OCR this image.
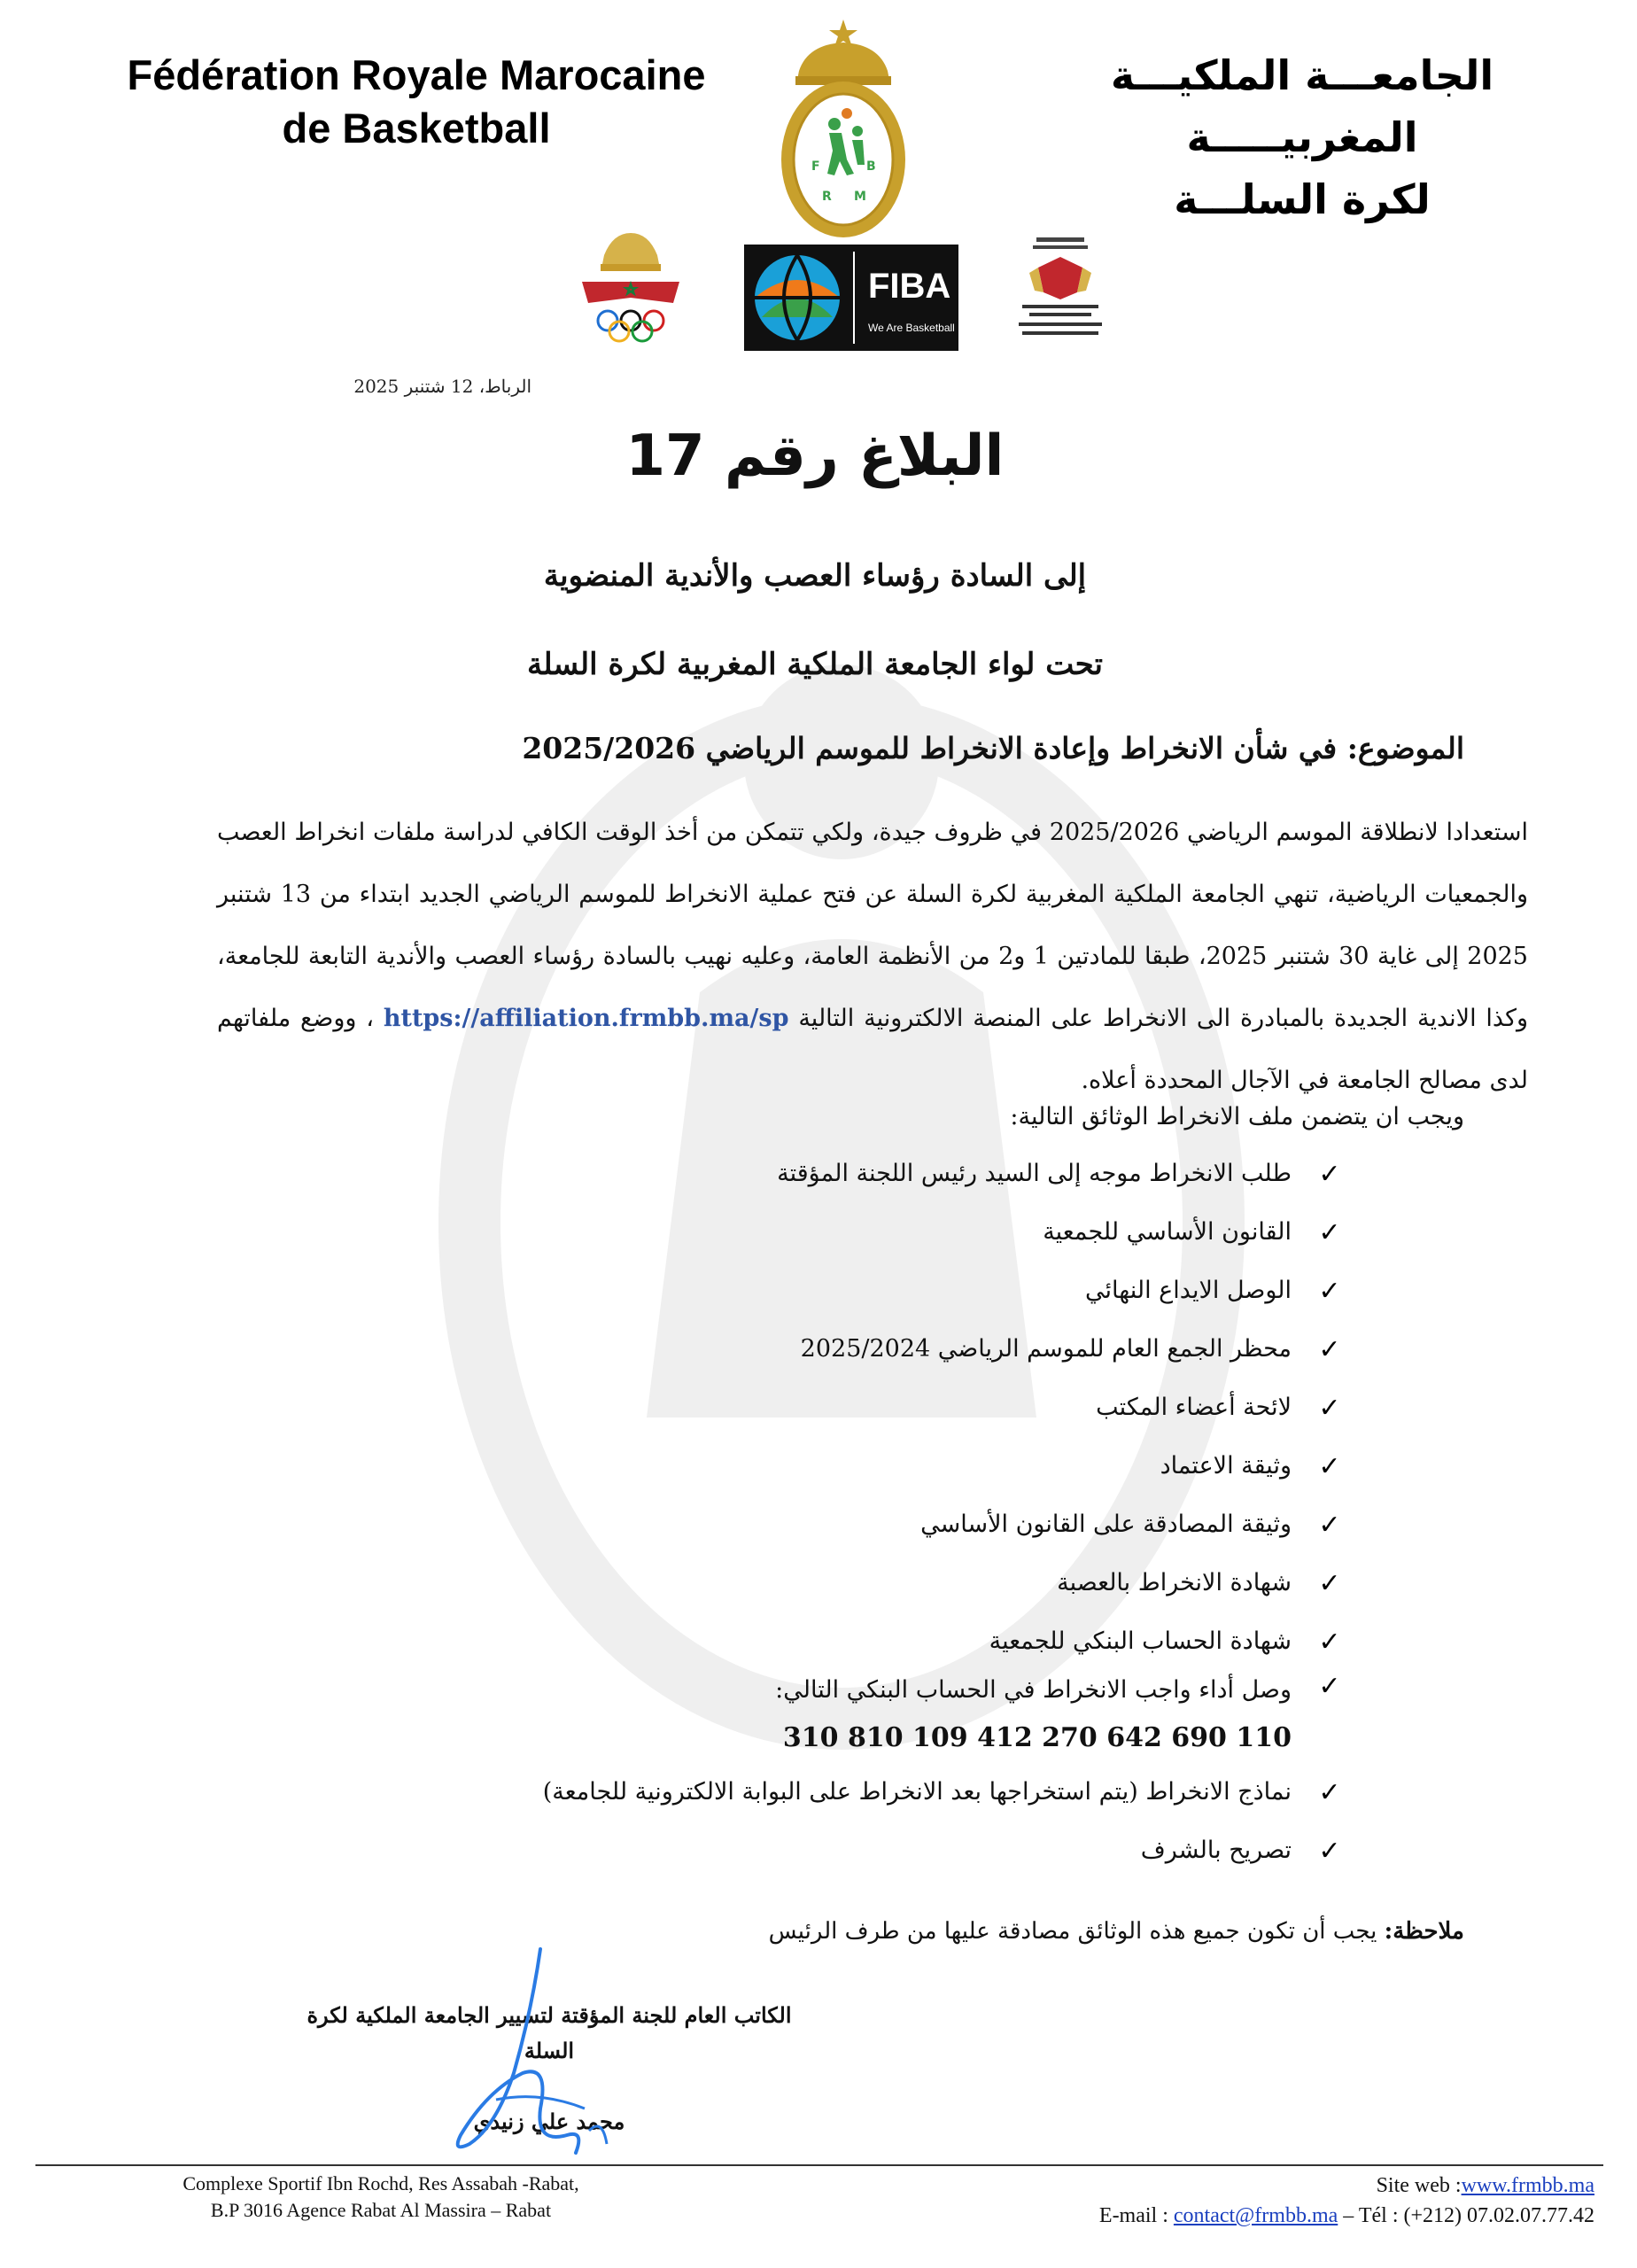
Fédération Royale Marocaine
de Basketball
الجامعـــة الملكيـــة المغربيـــــة
لكرة السلـــة
F	B
R M
FIBA
We Are Basketball
الرباط، 12 شتنبر 2025
البلاغ رقم 17
إلى السادة رؤساء العصب والأندية المنضوية
تحت لواء الجامعة الملكية المغربية لكرة السلة
الموضوع: في شأن الانخراط وإعادة الانخراط للموسم الرياضي 2025/2026
استعدادا لانطلاقة الموسم الرياضي 2025/2026 في ظروف جيدة، ولكي تتمكن من أخذ الوقت الكافي لدراسة ملفات انخراط العصب والجمعيات الرياضية، تنهي الجامعة الملكية المغربية لكرة السلة عن فتح عملية الانخراط للموسم الرياضي الجديد ابتداء من 13 شتنبر 2025 إلى غاية 30 شتنبر 2025، طبقا للمادتين 1 و2 من الأنظمة العامة، وعليه نهيب بالسادة رؤساء العصب والأندية التابعة للجامعة، وكذا الاندية الجديدة بالمبادرة الى الانخراط على المنصة الالكترونية التالية https://affiliation.frmbb.ma/sp ، ووضع ملفاتهم لدى مصالح الجامعة في الآجال المحددة أعلاه.
ويجب ان يتضمن ملف الانخراط الوثائق التالية:
✓
طلب الانخراط موجه إلى السيد رئيس اللجنة المؤقتة
✓
القانون الأساسي للجمعية
✓
الوصل الايداع النهائي
✓
محظر الجمع العام للموسم الرياضي 2025/2024
✓
لائحة أعضاء المكتب
✓
وثيقة الاعتماد
✓
وثيقة المصادقة على القانون الأساسي
✓
شهادة الانخراط بالعصبة
✓
شهادة الحساب البنكي للجمعية
✓
وصل أداء واجب الانخراط في الحساب البنكي التالي:
310 810 109 412 270 642 690 110
✓
نماذج الانخراط (يتم استخراجها بعد الانخراط على البوابة الالكترونية للجامعة)
✓
تصريح بالشرف
ملاحظة: يجب أن تكون جميع هذه الوثائق مصادقة عليها من طرف الرئيس
الكاتب العام للجنة المؤقتة لتسيير الجامعة الملكية لكرة السلة
محمد علي زنيدي
Complexe Sportif Ibn Rochd, Res Assabah -Rabat,
B.P 3016 Agence Rabat Al Massira – Rabat
Site web :www.frmbb.ma
E-mail : contact@frmbb.ma – Tél : (+212) 07.02.07.77.42
